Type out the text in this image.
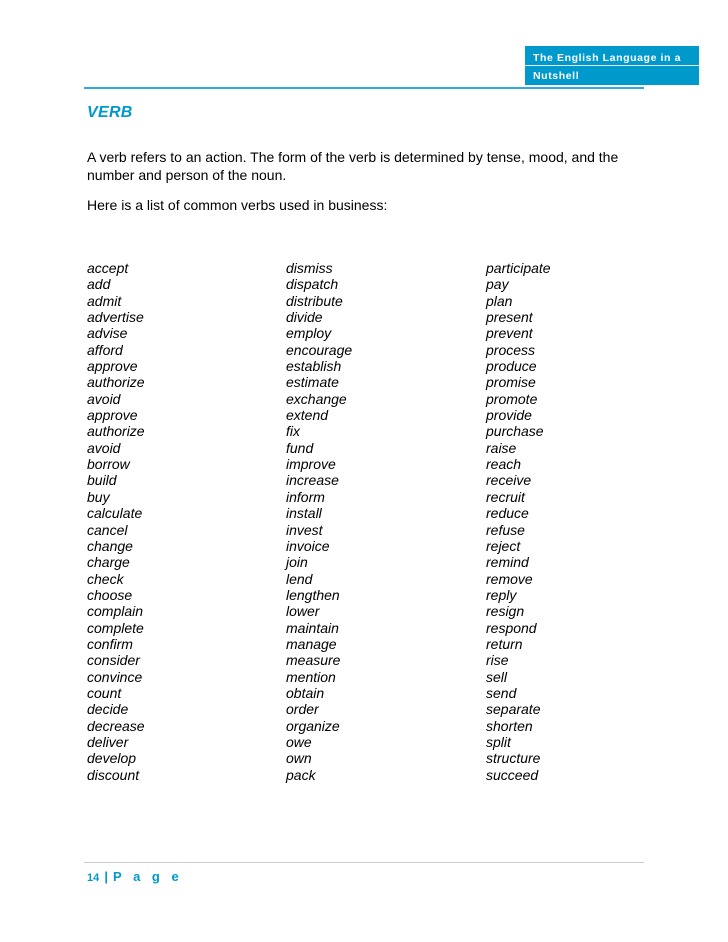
The English Language in a
Nutshell
VERB
A verb refers to an action. The form of the verb is determined by tense, mood, and the number and person of the noun.
Here is a list of common verbs used in business:
accept
add
admit
advertise
advise
afford
approve
authorize
avoid
approve
authorize
avoid
borrow
build
buy
calculate
cancel
change
charge
check
choose
complain
complete
confirm
consider
convince
count
decide
decrease
deliver
develop
discount
dismiss
dispatch
distribute
divide
employ
encourage
establish
estimate
exchange
extend
fix
fund
improve
increase
inform
install
invest
invoice
join
lend
lengthen
lower
maintain
manage
measure
mention
obtain
order
organize
owe
own
pack
participate
pay
plan
present
prevent
process
produce
promise
promote
provide
purchase
raise
reach
receive
recruit
reduce
refuse
reject
remind
remove
reply
resign
respond
return
rise
sell
send
separate
shorten
split
structure
succeed
14 | P a g e
